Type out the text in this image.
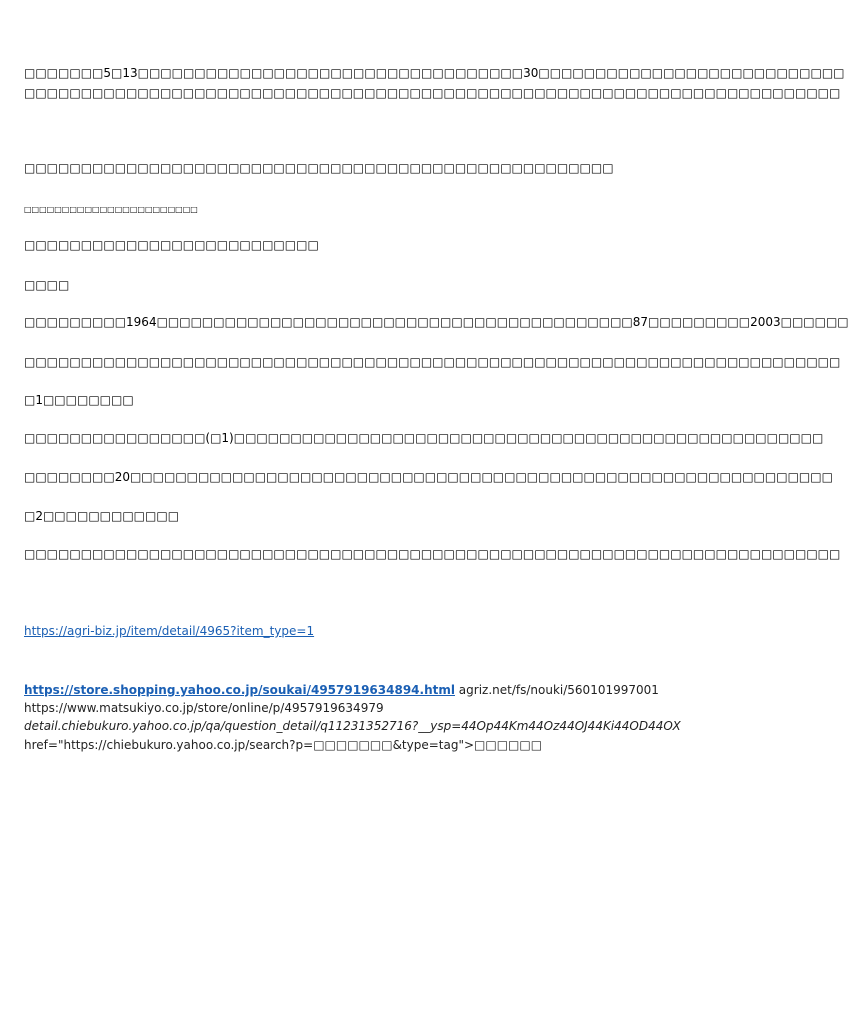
□□□□□□□5□13□□□□□□□□□□□□□□□□□□□□□□□□□□□□□□□□□□30□□□□□□□□□□□□□□□□□□□□□□□□□□□
□□□□□□□□□□□□□□□□□□□□□□□□□□□□□□□□□□□□□□□□□□□□□□□□□□□□□□□□□□□□□□□□□□□□□□□□
□□□□□□□□□□□□□□□□□□□□□□□□□□□□□□□□□□□□□□□□□□□□□□□□□□□□
□□□□□□□□□□□□□□□□□□□□□□□
□□□□□□□□□□□□□□□□□□□□□□□□□□
□□□□
□□□□□□□□□1964□□□□□□□□□□□□□□□□□□□□□□□□□□□□□□□□□□□□□□□□□□87□□□□□□□□□2003□□□□□□
□□□□□□□□□□□□□□□□□□□□□□□□□□□□□□□□□□□□□□□□□□□□□□□□□□□□□□□□□□□□□□□□□□□□□□□□
□1□□□□□□□□
□□□□□□□□□□□□□□□□(□1)□□□□□□□□□□□□□□□□□□□□□□□□□□□□□□□□□□□□□□□□□□□□□□□□□□□□
□□□□□□□□20□□□□□□□□□□□□□□□□□□□□□□□□□□□□□□□□□□□□□□□□□□□□□□□□□□□□□□□□□□□□□□
□2□□□□□□□□□□□□
□□□□□□□□□□□□□□□□□□□□□□□□□□□□□□□□□□□□□□□□□□□□□□□□□□□□□□□□□□□□□□□□□□□□□□□□
https://agri-biz.jp/item/detail/4965?item_type=1
https://store.shopping.yahoo.co.jp/soukai/4957919634894.html agriz.net/fs/nouki/560101997001
https://www.matsukiyo.co.jp/store/online/p/4957919634979
detail.chiebukuro.yahoo.co.jp/qa/question_detail/q11231352716?__ysp=44Op44Km44Oz44OJ44Ki44OD44OX
href="https://chiebukuro.yahoo.co.jp/search?p=□□□□□□□&type=tag">□□□□□□
